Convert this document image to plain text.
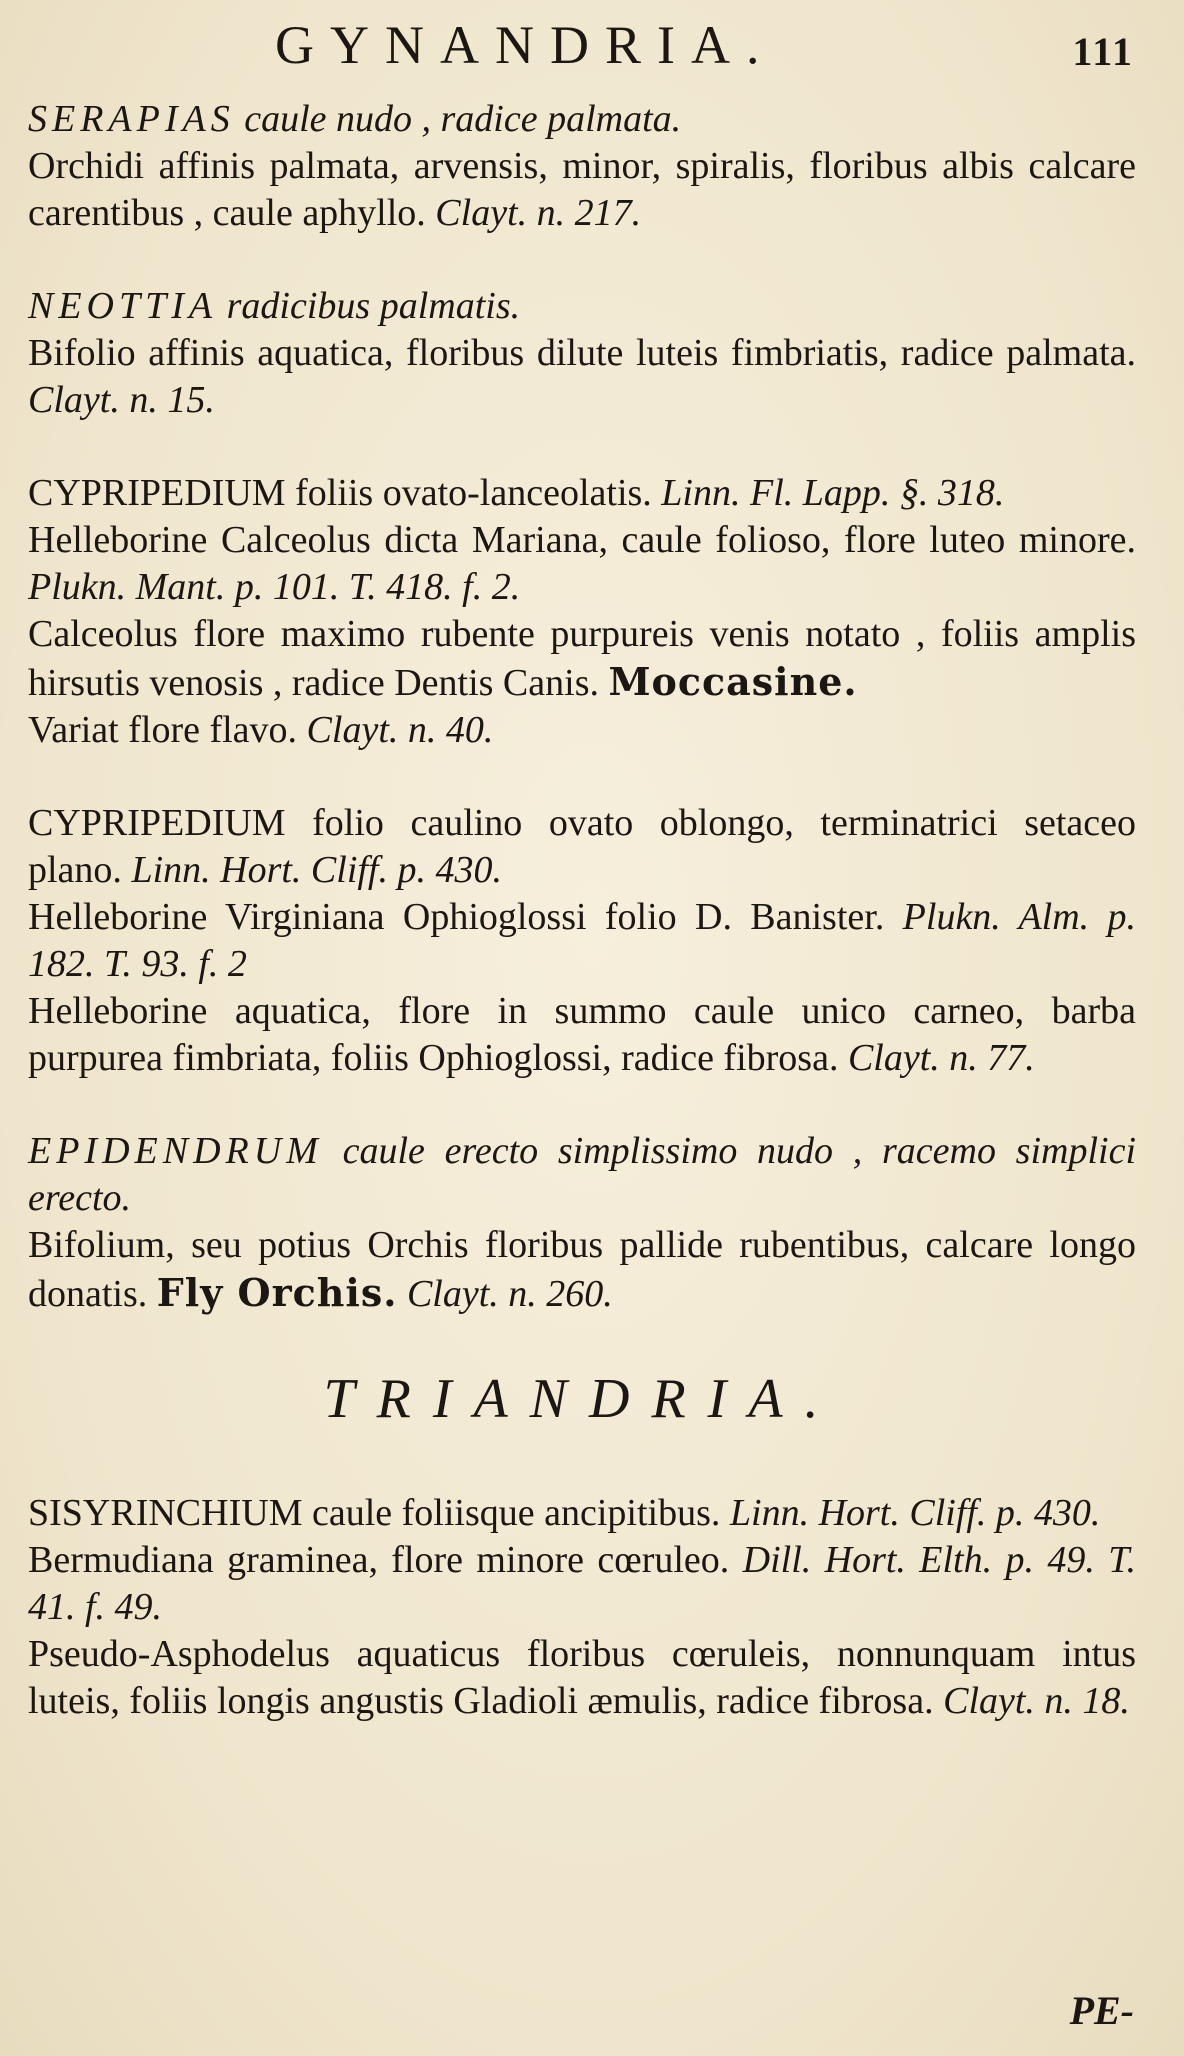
GYNANDRIA.	111

SERAPIAS caule nudo , radice palmata.

Orchidi affinis palmata, arvensis, minor, spiralis, floribus albis calcare carentibus , caule aphyllo. Clayt. n. 217.

NEOTTIA radicibus palmatis.

Bifolio affinis aquatica, floribus dilute luteis fimbriatis, radice palmata. Clayt. n. 15.

CYPRIPEDIUM foliis ovato-lanceolatis. Linn. Fl. Lapp. §. 318.

Helleborine Calceolus dicta Mariana, caule folioso, flore luteo minore. Plukn. Mant. p. 101. T. 418. f. 2.

Calceolus flore maximo rubente purpureis venis notato , foliis amplis hirsutis venosis , radice Dentis Canis. Moccasine.

Variat flore flavo. Clayt. n. 40.

CYPRIPEDIUM folio caulino ovato oblongo, terminatrici setaceo plano. Linn. Hort. Cliff. p. 430.

Helleborine Virginiana Ophioglossi folio D. Banister. Plukn. Alm. p. 182. T. 93. f. 2

Helleborine aquatica, flore in summo caule unico carneo, barba purpurea fimbriata, foliis Ophioglossi, radice fibrosa. Clayt. n. 77.

EPIDENDRUM caule erecto simplissimo nudo , racemo simplici erecto.

Bifolium, seu potius Orchis floribus pallide rubentibus, calcare longo donatis. Fly Orchis. Clayt. n. 260.

TRIANDRIA.

SISYRINCHIUM caule foliisque ancipitibus. Linn. Hort. Cliff. p. 430.

Bermudiana graminea, flore minore cœruleo. Dill. Hort. Elth. p. 49. T. 41. f. 49.

Pseudo-Asphodelus aquaticus floribus cœruleis, nonnunquam intus luteis, foliis longis angustis Gladioli æmulis, radice fibrosa. Clayt. n. 18.

PE-
